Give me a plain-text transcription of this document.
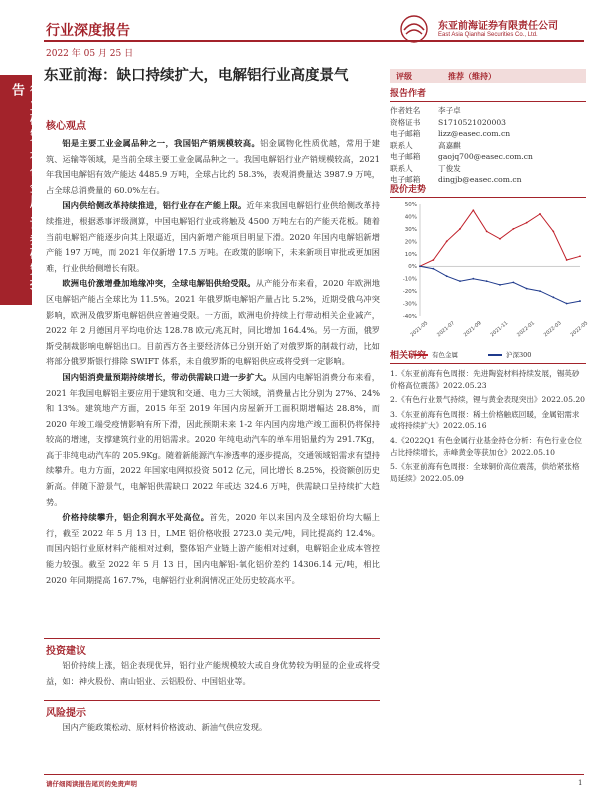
行业研究·有色金属·证券研究报告
行业深度报告
2022 年 05 月 25 日
东亚前海证券有限责任公司
East Asia Qianhai Securities Co., Ltd.
东亚前海：缺口持续扩大，电解铝行业高度景气
核心观点

铝是主要工业金属品种之一，我国铝产销规模较高。铝金属物化性质优越，常用于建筑、运输等领域，是当前全球主要工业金属品种之一。我国电解铝行业产销规模较高，2021 年我国电解铝有效产能达 4485.9 万吨，全球占比约 58.3%，表观消费量达 3987.9 万吨，占全球总消费量的 60.0%左右。

国内供给侧改革持续推进，铝行业存在产能上限。近年来我国电解铝行业供给侧改革持续推进，根据悉事评级测算，中国电解铝行业或将触及 4500 万吨左右的产能天花板。随着当前电解铝产能逐步向其上限逼近，国内新增产能项目明显下滑。2020 年国内电解铝新增产能 197 万吨，而 2021 年仅新增 17.5 万吨。在政策的影响下，未来新项目审批或更加困难，行业供给侧增长有限。

欧洲电价激增叠加地缘冲突，全球电解铝供给受限。从产能分布来看，2020 年欧洲地区电解铝产能占全球比为 11.5%。2021 年俄罗斯电解铝产量占比 5.2%，近期受俄乌冲突影响，欧洲及俄罗斯电解铝供应普遍受限。一方面，欧洲电价持续上行带动相关企业减产，2022 年 2 月德国月平均电价达 128.78 欧元/兆瓦时，同比增加 164.4%。另一方面，俄罗斯受制裁影响电解铝出口。目前西方各主要经济体已分别开始了对俄罗斯的制裁行动，比如将部分俄罗斯银行排除 SWIFT 体系，未自俄罗斯的电解铝供应或将受到一定影响。

国内铝消费量预期持续增长，带动供需缺口进一步扩大。从国内电解铝消费分布来看，2021 年我国电解铝主要应用于建筑和交通、电力三大领域，消费量占比分别为 27%、24%和 13%。建筑地产方面，2015 年至 2019 年国内房屋新开工面积期增幅达 28.8%，而 2020 年竣工端受疫情影响有所下滑，因此预期未来 1-2 年内国内房地产竣工面积仍将保持较高的增速，支撑建筑行业的用铝需求。2020 年纯电动汽车的单车用铝量约为 291.7Kg，高于非纯电动汽车的 205.9Kg。随着新能源汽车渗透率的逐步提高，交通领域铝需求有望持续攀升。电力方面，2022 年国家电网拟投资 5012 亿元，同比增长 8.25%，投资额创历史新高。伴随下游景气，电解铝供需缺口 2022 年或达 324.6 万吨，供需缺口呈持续扩大趋势。

价格持续攀升，铝企利润水平处高位。首先，2020 年以来国内及全球铝价均大幅上行，截至 2022 年 5 月 13 日，LME 铝价格收报 2723.0 美元/吨，同比提高约 12.4%。而国内铝行业原材料产能相对过剩，整体铝产业链上游产能相对过剩，电解铝企业成本管控能力较强。截至 2022 年 5 月 13 日，国内电解铝-氧化铝价差约 14306.14 元/吨，相比 2020 年同期提高 167.7%，电解铝行业利润情况正处历史较高水平。

投资建议

铝价持续上涨，铝企表现优异，铝行业产能规模较大或自身优势较为明显的企业或将受益，如：神火股份、南山铝业、云铝股份、中国铝业等。

风险提示

国内产能政策松动、原材料价格波动、新油气供应发现。

评级	推荐（维持）
报告作者
作者姓名	李子卓
资格证书	S1710521020003
电子邮箱	lizz@easec.com.cn
联系人	高嘉麒
电子邮箱	gaojq700@easec.com.cn
联系人	丁俊发
电子邮箱	dingjb@easec.com.cn
股价走势
50%
40%
30%
20%
10%
0%
-10%
-20%
-30%
-40%
2021-05 2021-07 2021-09 2021-11 2022-01 2022-03 2022-05
有色金属	沪深300
相关研究
1.《东亚前海有色周报：先进陶瓷材料持续发展，锡英砂价格高位震荡》2022.05.23
2.《有色行业景气持续，锂与黄金表现突出》2022.05.20
3.《东亚前海有色周报：稀土价格触底回暖，金属铝需求或将持续扩大》2022.05.16
4.《2022Q1 有色金属行业基金持仓分析：有色行业仓位占比持续增长，赤峰黄金等获加仓》2022.05.10
5.《东亚前海有色周报：全球铜价高位震荡，供给紧张格局延续》2022.05.09
请仔细阅读报告尾页的免责声明	1
